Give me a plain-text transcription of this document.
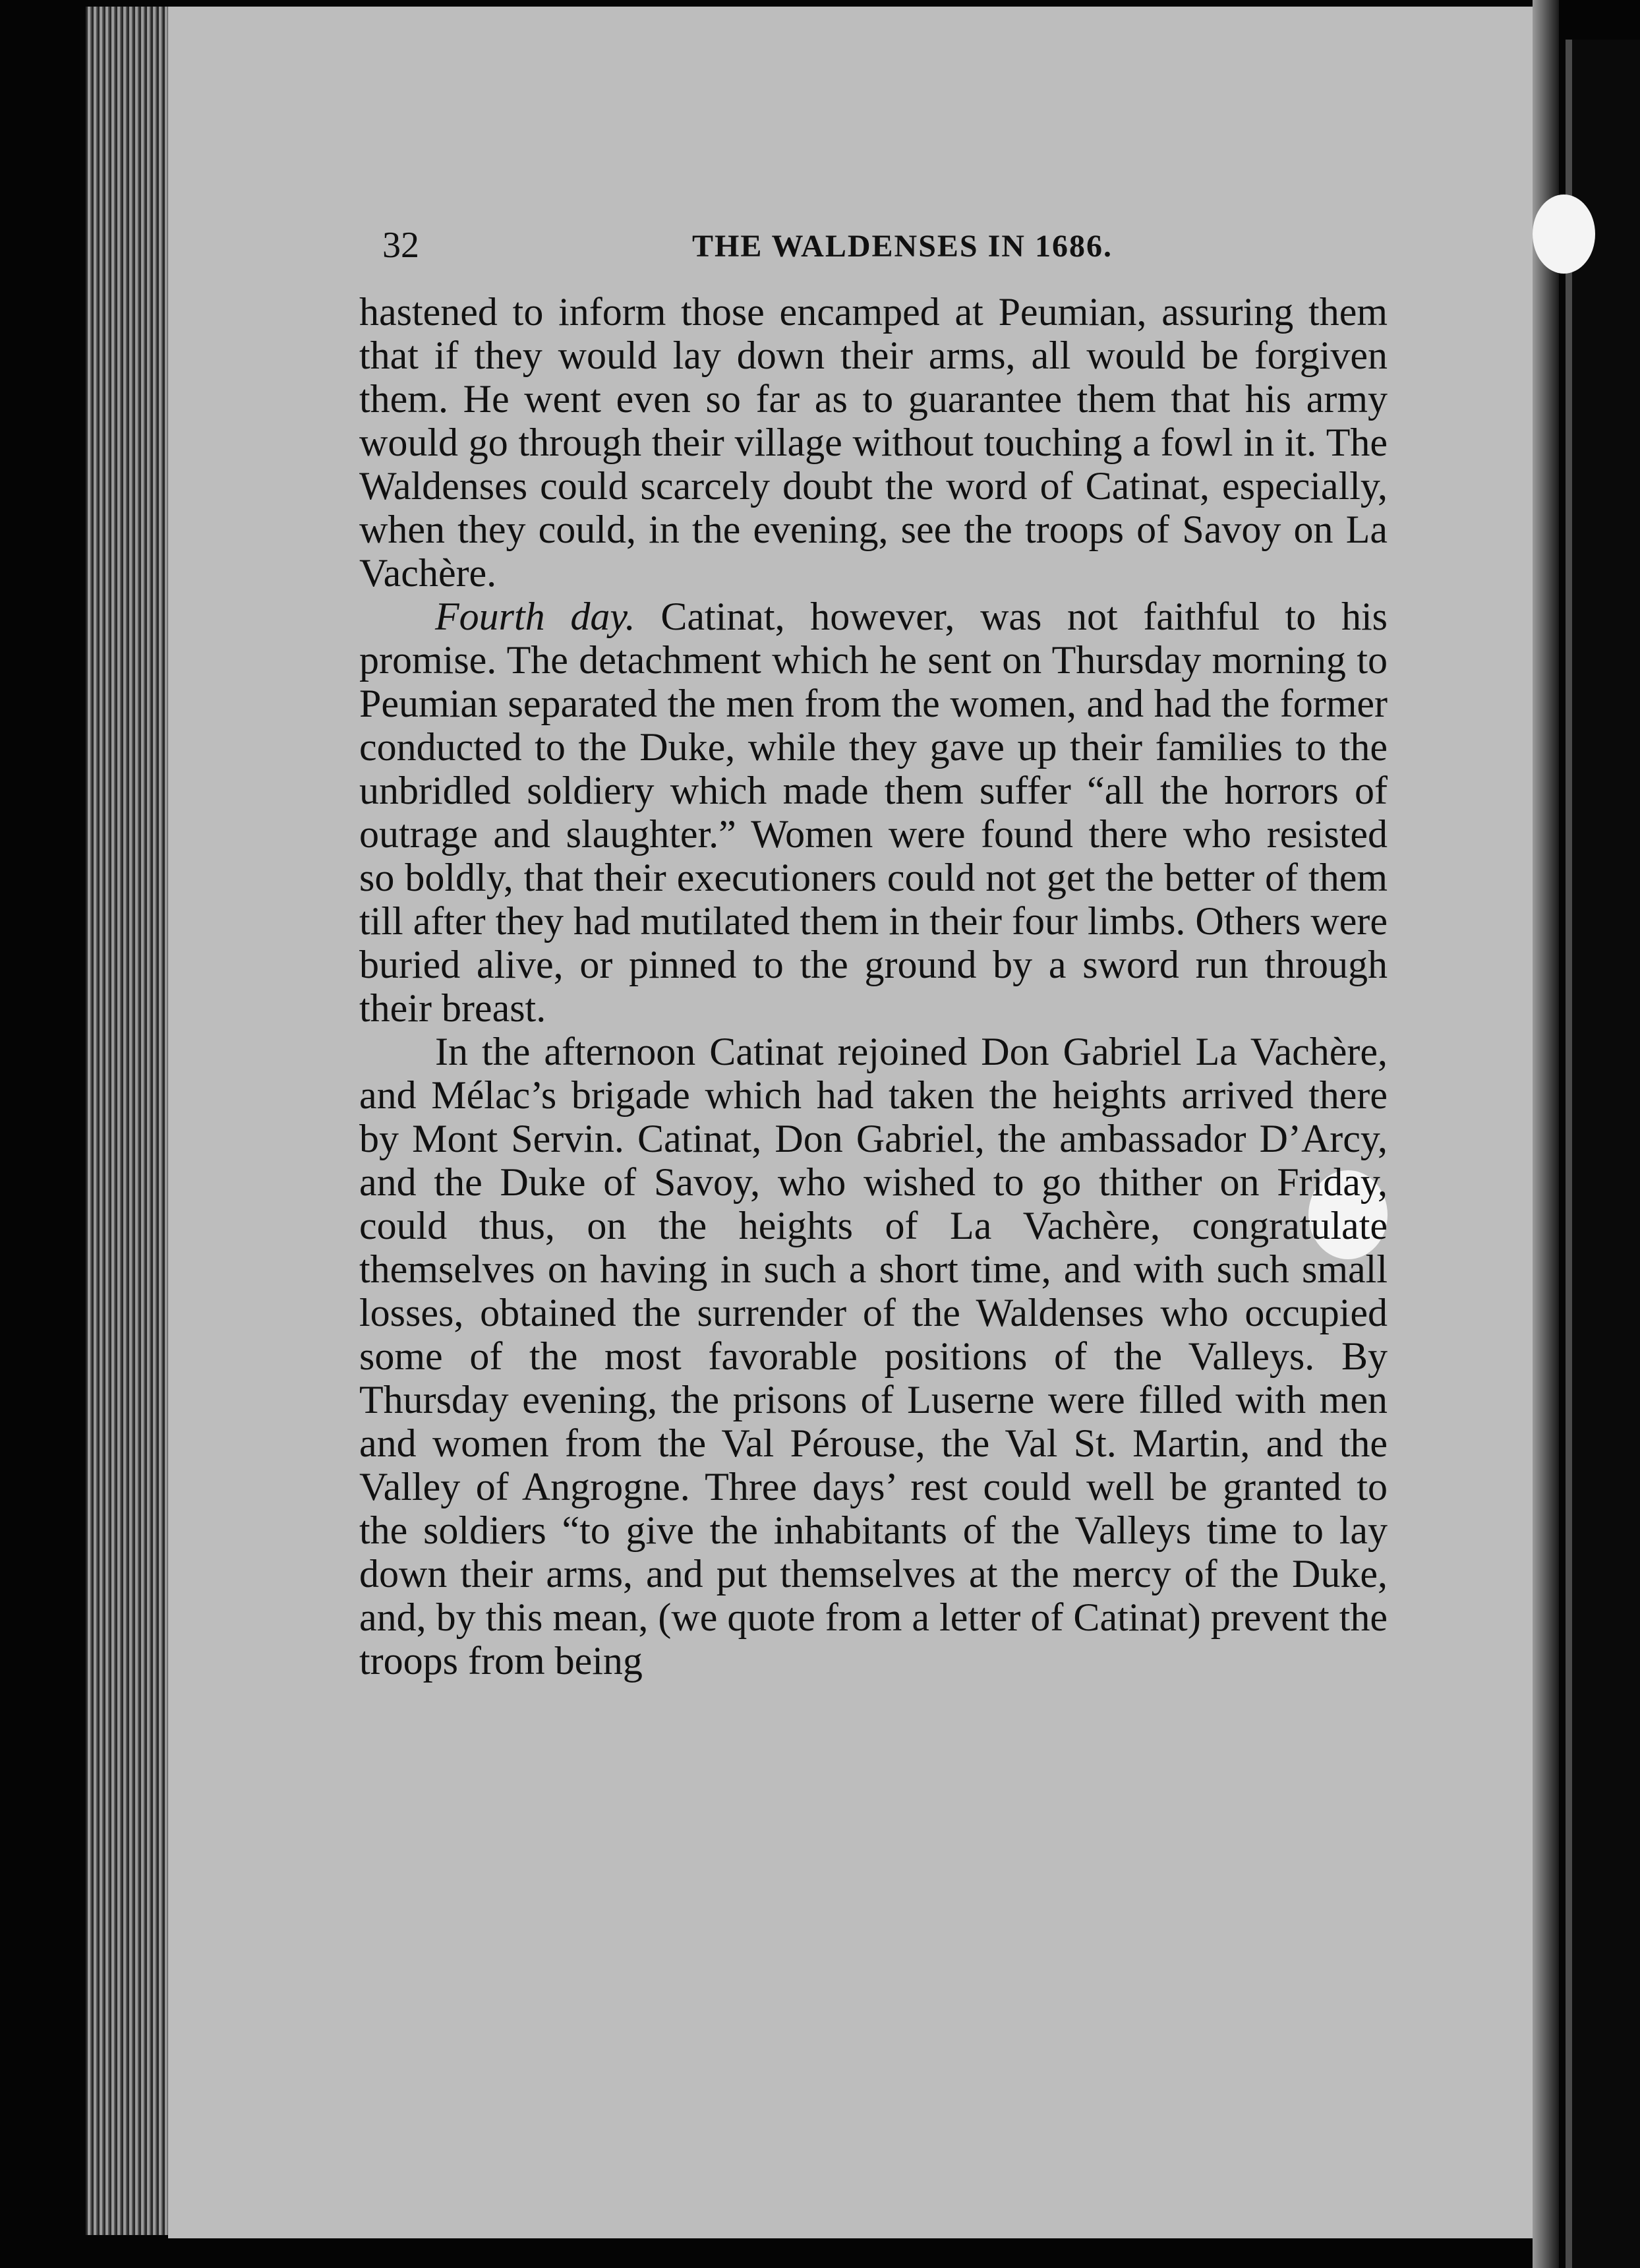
32	THE WALDENSES IN 1686.

hastened to inform those encamped at Peumian, assuring them that if they would lay down their arms, all would be forgiven them. He went even so far as to guarantee them that his army would go through their village without touching a fowl in it. The Waldenses could scarcely doubt the word of Catinat, especially, when they could, in the evening, see the troops of Savoy on La Vachère.

Fourth day. Catinat, however, was not faithful to his promise. The detachment which he sent on Thursday morning to Peumian separated the men from the women, and had the former conducted to the Duke, while they gave up their families to the unbridled soldiery which made them suffer “all the horrors of outrage and slaughter.” Women were found there who resisted so boldly, that their executioners could not get the better of them till after they had mutilated them in their four limbs. Others were buried alive, or pinned to the ground by a sword run through their breast.

In the afternoon Catinat rejoined Don Gabriel La Vachère, and Mélac’s brigade which had taken the heights arrived there by Mont Servin. Catinat, Don Gabriel, the ambassador D’Arcy, and the Duke of Savoy, who wished to go thither on Friday, could thus, on the heights of La Vachère, congratulate themselves on having in such a short time, and with such small losses, obtained the surrender of the Waldenses who occupied some of the most favorable positions of the Valleys. By Thursday evening, the prisons of Luserne were filled with men and women from the Val Pérouse, the Val St. Martin, and the Valley of Angrogne. Three days’ rest could well be granted to the soldiers “to give the inhabitants of the Valleys time to lay down their arms, and put themselves at the mercy of the Duke, and, by this mean, (we quote from a letter of Catinat) prevent the troops from being
